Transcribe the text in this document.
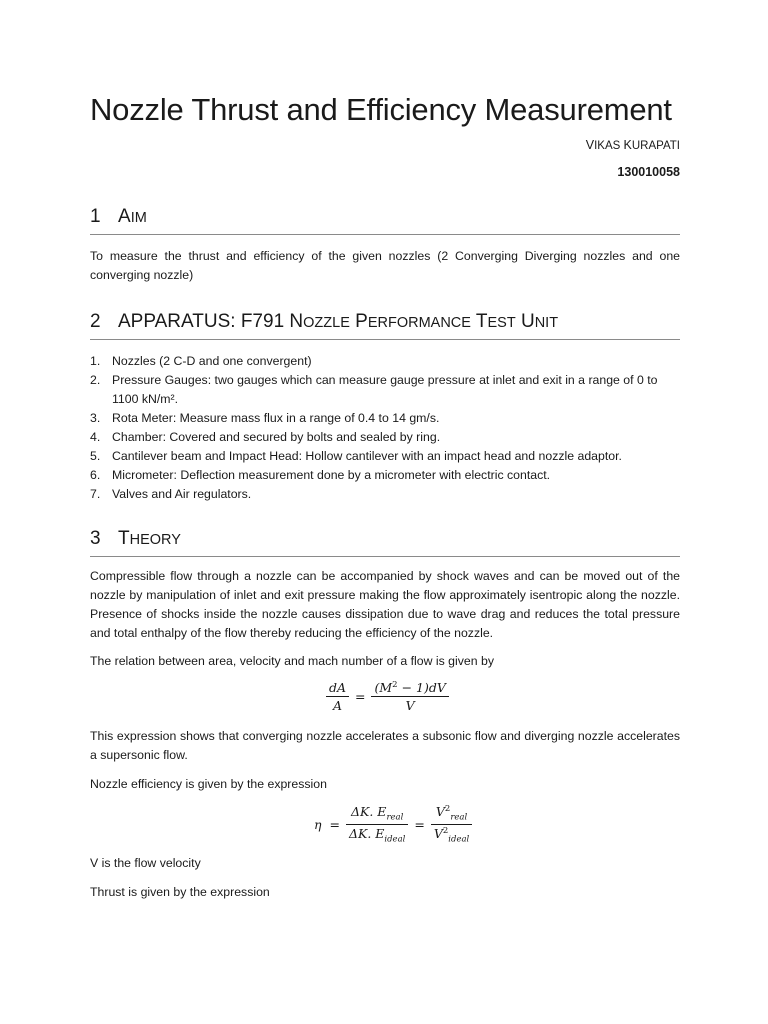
Nozzle Thrust and Efficiency Measurement
VIKAS KURAPATI
130010058
1 AIM

To measure the thrust and efficiency of the given nozzles (2 Converging Diverging nozzles and one converging nozzle)

2 APPARATUS: F791 NOZZLE PERFORMANCE TEST UNIT
1. Nozzles (2 C-D and one convergent)
2. Pressure Gauges: two gauges which can measure gauge pressure at inlet and exit in a range of 0 to 1100 kN/m².
3. Rota Meter: Measure mass flux in a range of 0.4 to 14 gm/s.
4. Chamber: Covered and secured by bolts and sealed by ring.
5. Cantilever beam and Impact Head: Hollow cantilever with an impact head and nozzle adaptor.
6. Micrometer: Deflection measurement done by a micrometer with electric contact.
7. Valves and Air regulators.
3 THEORY

Compressible flow through a nozzle can be accompanied by shock waves and can be moved out of the nozzle by manipulation of inlet and exit pressure making the flow approximately isentropic along the nozzle. Presence of shocks inside the nozzle causes dissipation due to wave drag and reduces the total pressure and total enthalpy of the flow thereby reducing the efficiency of the nozzle.

The relation between area, velocity and mach number of a flow is given by

$\frac{dA}{A} = \frac{(M^2 - 1)dV}{V}$

This expression shows that converging nozzle accelerates a subsonic flow and diverging nozzle accelerates a supersonic flow.

Nozzle efficiency is given by the expression

$\eta = \frac{\Delta K. E_{real}}{\Delta K. E_{ideal}} = \frac{V^2_{real}}{V^2_{ideal}}$

V is the flow velocity

Thrust is given by the expression
